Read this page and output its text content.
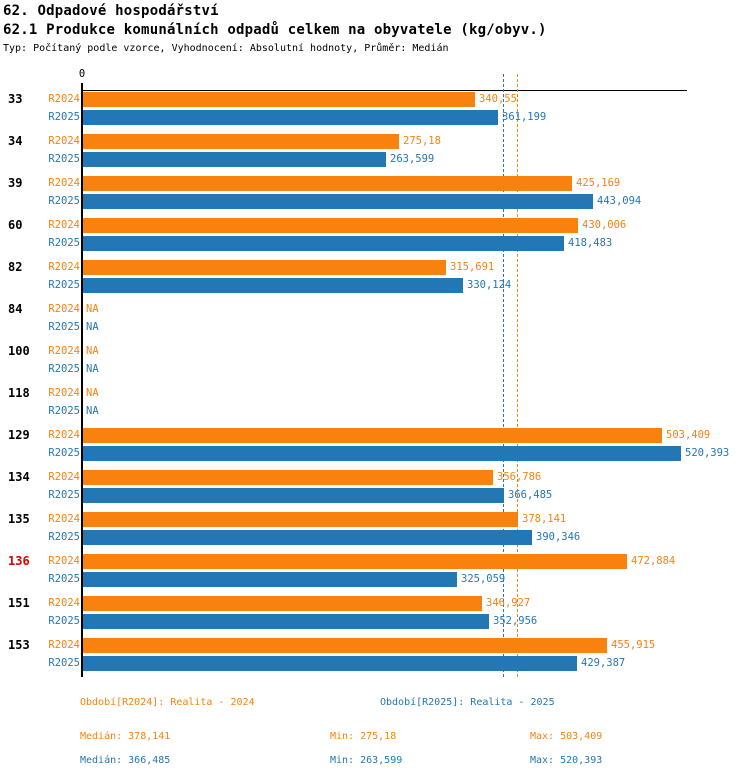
62. Odpadové hospodářství
62.1 Produkce komunálních odpadů celkem na obyvatele (kg/obyv.)
Typ: Počítaný podle vzorce, Vyhodnocení: Absolutní hodnoty, Průměr: Medián
0
33	R2024	340,55
R2025	361,199
34	R2024	275,18
R2025	263,599
39	R2024	425,169
R2025	443,094
60	R2024	430,006
R2025	418,483
82	R2024	315,691
R2025	330,124
84	R2024 NA
R2025 NA
100	R2024 NA
R2025 NA
118	R2024 NA
R2025 NA
129	R2024	503,409
R2025	520,393
134	R2024	356,786
R2025	366,485
135	R2024	378,141
R2025	390,346
136	R2024	472,884
R2025	325,059
151	R2024	346,927
R2025	352,956
153	R2024	455,915
R2025	429,387
Období[R2024]: Realita - 2024	Období[R2025]: Realita - 2025
Medián: 378,141	Min: 275,18	Max: 503,409
Medián: 366,485	Min: 263,599	Max: 520,393
